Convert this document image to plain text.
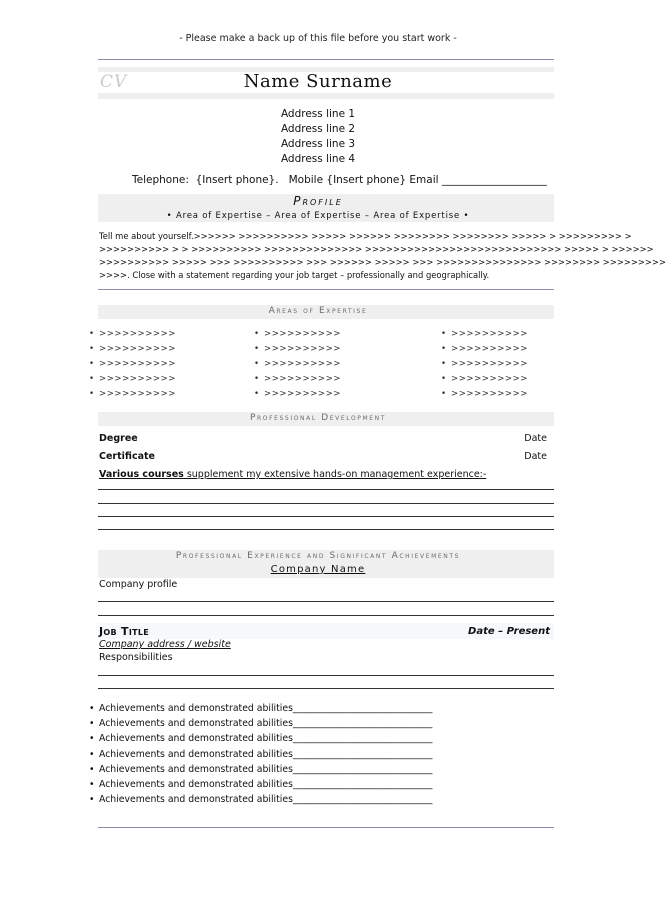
- Please make a back up of this file before you start work -
CV	Name Surname
Address line 1
Address line 2
Address line 3
Address line 4
Telephone: {Insert phone}. Mobile {Insert phone} Email ____________________
Profile
• Area of Expertise – Area of Expertise – Area of Expertise •
Tell me about yourself.>>>>>> >>>>>>>>>> >>>>> >>>>>> >>>>>>>> >>>>>>>> >>>>> > >>>>>>>>> >
>>>>>>>>>> > > >>>>>>>>>> >>>>>>>>>>>>>> >>>>>>>>>>>>>>>>>>>>>>>>>>>> >>>>> > >>>>>>
>>>>>>>>>> >>>>> >>> >>>>>>>>>> >>> >>>>>> >>>>> >>> >>>>>>>>>>>>>>> >>>>>>>> >>>>>>>>>
>>>>. Close with a statement regarding your job target – professionally and geographically.
Areas of Expertise
• >>>>>>>>>>
• >>>>>>>>>>
• >>>>>>>>>>
• >>>>>>>>>>
• >>>>>>>>>>
• >>>>>>>>>>
• >>>>>>>>>>
• >>>>>>>>>>
• >>>>>>>>>>
• >>>>>>>>>>
• >>>>>>>>>>
• >>>>>>>>>>
• >>>>>>>>>>
• >>>>>>>>>>
• >>>>>>>>>>
Professional Development
Degree	Date
Certificate	Date
Various courses supplement my extensive hands-on management experience:-
Professional Experience and Significant Achievements
Company Name
Company profile
Job Title	Date – Present
Company address / website
Responsibilities
• Achievements and demonstrated abilities______________________________
• Achievements and demonstrated abilities______________________________
• Achievements and demonstrated abilities______________________________
• Achievements and demonstrated abilities______________________________
• Achievements and demonstrated abilities______________________________
• Achievements and demonstrated abilities______________________________
• Achievements and demonstrated abilities______________________________
